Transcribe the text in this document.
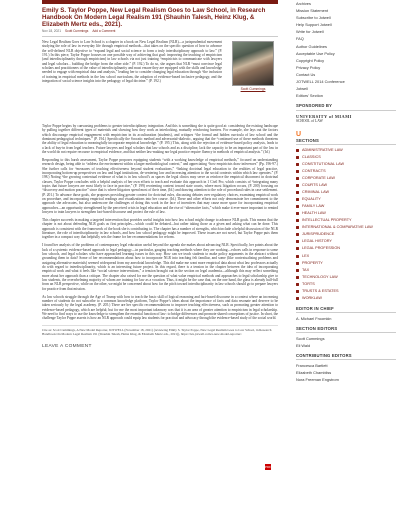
Emily S. Taylor Poppe, New Legal Realism Goes to Law School, in Research Handbook On Modern Legal Realism 191 (Shauhin Talesh, Heinz Klug, & Elizabeth Mertz eds., 2021).
Nov 18, 2021 Scott Cummings Add a Comment
New Legal Realism Goes to Law School is a chapter in a book on New Legal Realism (NLR)—a jurisprudential movement studying the role of law in everyday life through empirical methods—that takes on the specific question of how to advance the self-defined NLR objective to “expand legal and social science to form a truly interdisciplinary approach to law.” (P. 191.) In this piece, Taylor Poppe focuses on one possible way of achieving that goal: improving the teaching of empiricism (and interdisciplinarity through empiricism) in law schools via not just training “empiricists to communicate with lawyers and legal scholars... building the bridge from the other side.” (P. 192.) To do so, she argues that NLR “must convince legal scholars and practitioners of the value of interdisciplinarity and must ensure they are equipped with the skills and knowledge needed to engage with empirical data and analysis,” leading her to consider changing legal education through “the inclusion of training in empirical methods in the law school curriculum, the adoption of evidence-based inclusive pedagogy, and the integration of social science insights into the pedagogy of legal doctrine.” (P. 192.)
Scott Cummings
Taylor Poppe begins by canvassing problems to greater interdisciplinary integration. And this is something she is quite good at: considering the existing landscape by pulling together different types of materials and showing how they work as interlocking, mutually reinforcing barriers. For example, she lays out the factors which discourage empirical engagement with empiricism in its acculturation (students), and critiques “the formal and hidden curricula of law school and the dominant pedagogical techniques.” (P. 194.) Specifically the Socratic method and adversarial-dialectic, arguing that the “continued use of these methods threatens the ability of legal education to meaningfully incorporate empirical knowledge.” (P. 195.) This, along with the rejection of evidence-based policy analysis, leads to a lack of buy-in from legal teachers. Future lawyers and legal scholars that law schools and as a discipline, lack the capacity to be an important part of the law in the world do not require recourse to empirical evidence, and that neither law-making nor legal practice require fluency in methods of empirical analysis.” (Id.)
Responding to this harsh assessment, Taylor Poppe proposes equipping students “with a working knowledge of empirical methods,” focused on understanding research design, being able to “address the environment within a larger methodological context,” and appreciating “how empiricists draw inferences” (Pp. 196-97.) She further calls for “measures of teaching effectiveness beyond student evaluations,” “linking doctrinal legal education to the realities of legal practice, incorporating bottom-up perspectives on law and legal institutions, de-centering law and increasing attention to the social contexts within which law operates.” (P. 198.) Noting “the growing contextual evidence of what is in law school’s as spaces the legal clinics may serve as reinforce the empirical disconnect in doctrinal classes, Taylor Poppe concludes with a helpful analysis of her own efforts to teach and evaluate this approach in 1 Civil Pro, which consists of “integrating many topics that future lawyers are most likely to face in practice,” (P. 199) reorienting content toward state courts, where most litigation occurs, (P. 200) focusing on “discovery and motion practice” since that is where litigators spend most of their time, (Id.) and drawing attention to the role of procedural rules in case settlement. (P. 201.) To advance those goals, she proposes providing greater context for doctrinal rules, discussing debates over regulatory choices, examining empirical work on procedure, and incorporating empirical readings and visualizations into her course. (Id.) These and other efforts not only demonstrate her commitment to the approach she advocates, but also underscore the challenges of doing this work in the face of incentives that may cause more space for incorporating empirical approaches—an opportunity strengthened by the perceived crisis in legal education and the rise of “alternative facts,” which make it ever-more important to remind lawyers to train lawyers to strengthen fact-based discourse and protect the rule of law.
This chapter succeeds in making a targeted intervention that provides useful insights into how law school might change to advance NLR goals. This means that the chapter is not about defending NLR goals as first principles—which could be debated—but rather taking those as a given and asking what can be done. This approach is consistent with the framework of the book she is contributing to. The chapter has a number of strengths, which include a helpful discussion of the NLR literature, the role of interdisciplinarity in law schools, and how law school pedagogy might be improved. These issues are not novel, but Taylor Poppe puts them together in a compact way that helpfully sets the frame for her recommendations for reform.
I found her analysis of the problems of contemporary legal education useful beyond the agenda she makes about advancing NLR. Specifically, her points about the lack of a systemic evidence-based approach to legal pedagogy—in particular, gauging teaching methods where they are working—echoes calls in response to some law schools, and legal scholars who have approached learning issues in this way. How can we teach students to make policy arguments in the abstract without grounding them in data? Some of her recommendations about how to incorporate NLR into teaching felt familiar, and some (like contextualizing problems and assigning alternative materials) seemed widespread from my anecdotal knowledge. This did make me want more empirical data about what law professors actually do with regard to interdisciplinarity, which is an interesting future project. In this regard, there is a tension in the chapter between the idea of incorporating empirical work and what it feels like “social science interventions,” a tension brought out in the section on legal academia—although this may reflect something more about her approach than a critique. The chapter also raised for me the question of what value empirical methods and approaches to legal scholarship give to law students, the overwhelming majority of whom are training for law as a vocation. Thus, it might be the case that, on the one hand, the glass is already half-full from an NLR perspective, while on the other, we might be concerned about how far the pitch toward interdisciplinarity in law schools should go to prepare lawyers for practice from that mission.
As law schools struggle through the Age of Trump with how to teach the basic skill of logical reasoning and fact-based discourse in a context where an increasing number of students do not subscribe to a common knowledge platform, Taylor Poppe’s ideas about the importance of facts and data resonate and deserve to be taken seriously by the legal academy. (P. 205.) There are her specific recommendations to improve teaching effectiveness, such as promoting greater attention to evidence-based pedagogy, which are helpful; but for me the most important takeaway was that it is an area of greater attention to empiricism in legal scholarship. We need to find ways to use the knowledge to strengthen the essential function of law: to bridge differences and promote shared conceptions of justice. In short, the challenge Taylor Poppe asserts is how an NLR approach could equip law students for practical and advocacy through the evidence-based study of the social world.
Cite as: Scott Cummings, A New Model Reporter, JOTWELL (November 18, 2021) (reviewing Emily S. Taylor Poppe, New Legal Realism Goes to Law School, in Research Handbook On Modern Legal Realism 191 (Shauhin Talesh, Heinz Klug, & Elizabeth Mertz eds., 2021)), https://lex.jotwell.com/a-new-model-reporter/.
LEAVE A COMMENT
PDF
Archives
Mission Statement
Subscribe to Jotwell
Help Support Jotwell
Write for Jotwell
FAQ
Author Guidelines
Acceptable Use Policy
Copyright Policy
Privacy Policy
Contact Us
JOTWELL 2014 Conference
Jotwell
Editors' Section
SPONSORED BY
UNIVERSITY of MIAMI
SCHOOL of LAW
U
SECTIONS
ADMINISTRATIVE LAW
CLASSICS
CONSTITUTIONAL LAW
CONTRACTS
CORPORATE LAW
COURTS LAW
CRIMINAL LAW
EQUALITY
FAMILY LAW
HEALTH LAW
INTELLECTUAL PROPERTY
INTERNATIONAL & COMPARATIVE LAW
JURISPRUDENCE
LEGAL HISTORY
LEGAL PROFESSION
LEX
PROPERTY
TAX
TECHNOLOGY LAW
TORTS
TRUSTS & ESTATES
WORKLAW
EDITOR IN CHIEF
A. Michael Froomkin
SECTION EDITORS
Scott Cummings
Eli Wald
CONTRIBUTING EDITORS
Francesca Bartlett
Elizabeth Chambliss
Nora Freeman Engstrom
